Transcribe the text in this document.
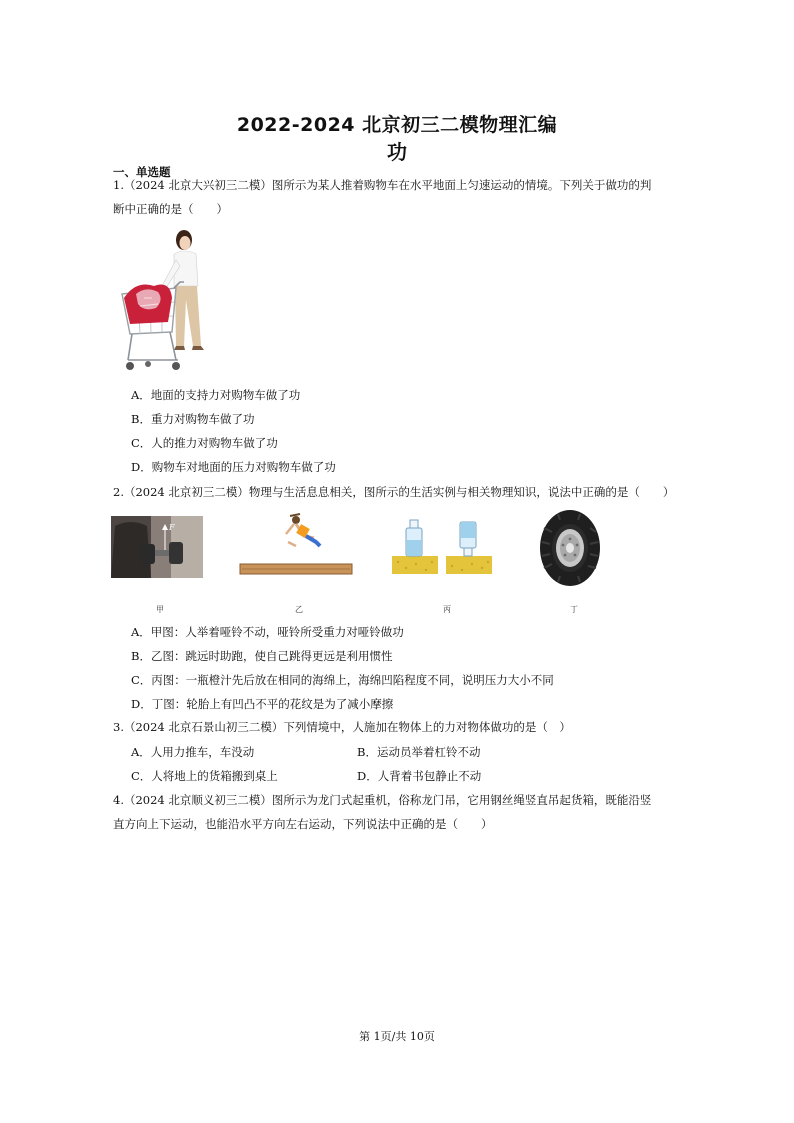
2022-2024 北京初三二模物理汇编
功
一、单选题
1.（2024 北京大兴初三二模）图所示为某人推着购物车在水平地面上匀速运动的情境。下列关于做功的判
断中正确的是（　　）
A．地面的支持力对购物车做了功
B．重力对购物车做了功
C．人的推力对购物车做了功
D．购物车对地面的压力对购物车做了功
2.（2024 北京初三二模）物理与生活息息相关，图所示的生活实例与相关物理知识，说法中正确的是（　　）
F
甲	乙	丙	丁
A．甲图：人举着哑铃不动，哑铃所受重力对哑铃做功
B．乙图：跳远时助跑，使自己跳得更远是利用惯性
C．丙图：一瓶橙汁先后放在相同的海绵上，海绵凹陷程度不同，说明压力大小不同
D．丁图：轮胎上有凹凸不平的花纹是为了减小摩擦
3.（2024 北京石景山初三二模）下列情境中，人施加在物体上的力对物体做功的是（　）
A．人用力推车，车没动	B．运动员举着杠铃不动
C．人将地上的货箱搬到桌上	D．人背着书包静止不动
4.（2024 北京顺义初三二模）图所示为龙门式起重机，俗称龙门吊，它用钢丝绳竖直吊起货箱，既能沿竖
直方向上下运动，也能沿水平方向左右运动，下列说法中正确的是（　　）
第 1页/共 10页
